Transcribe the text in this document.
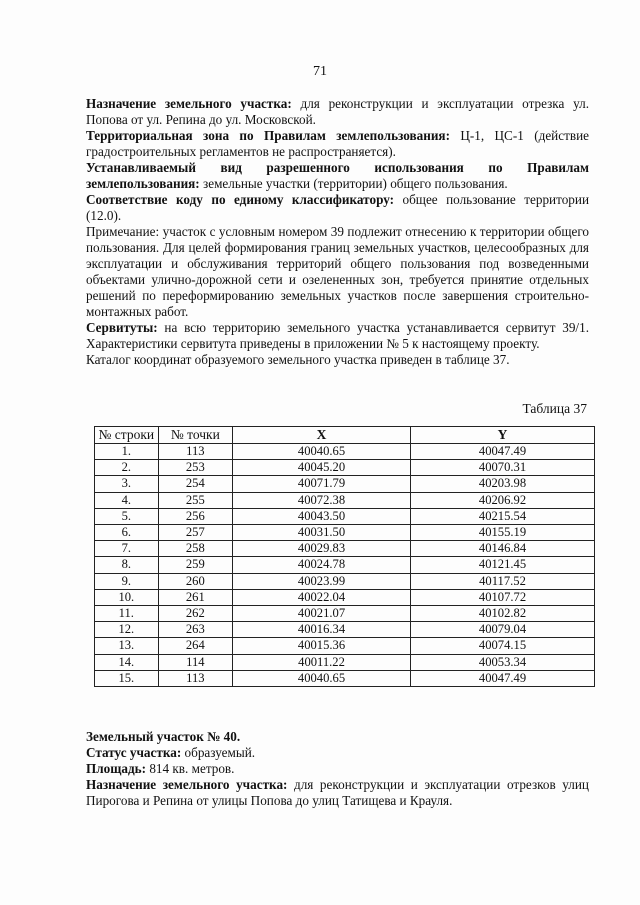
71

Назначение земельного участка: для реконструкции и эксплуатации отрезка ул. Попова от ул. Репина до ул. Московской.

Территориальная зона по Правилам землепользования: Ц-1, ЦС-1 (действие градостроительных регламентов не распространяется).

Устанавливаемый вид разрешенного использования по Правилам землепользования: земельные участки (территории) общего пользования.

Соответствие коду по единому классификатору: общее пользование территории (12.0).

Примечание: участок с условным номером 39 подлежит отнесению к территории общего пользования. Для целей формирования границ земельных участков, целесообразных для эксплуатации и обслуживания территорий общего пользования под возведенными объектами улично-дорожной сети и озелененных зон, требуется принятие отдельных решений по переформированию земельных участков после завершения строительно-монтажных работ.

Сервитуты: на всю территорию земельного участка устанавливается сервитут 39/1. Характеристики сервитута приведены в приложении № 5 к настоящему проекту.

Каталог координат образуемого земельного участка приведен в таблице 37.

Таблица 37
№ строки	№ точки	X	Y
1.	113	40040.65	40047.49
2.	253	40045.20	40070.31
3.	254	40071.79	40203.98
4.	255	40072.38	40206.92
5.	256	40043.50	40215.54
6.	257	40031.50	40155.19
7.	258	40029.83	40146.84
8.	259	40024.78	40121.45
9.	260	40023.99	40117.52
10.	261	40022.04	40107.72
11.	262	40021.07	40102.82
12.	263	40016.34	40079.04
13.	264	40015.36	40074.15
14.	114	40011.22	40053.34
15.	113	40040.65	40047.49

Земельный участок № 40.

Статус участка: образуемый.

Площадь: 814 кв. метров.

Назначение земельного участка: для реконструкции и эксплуатации отрезков улиц Пирогова и Репина от улицы Попова до улиц Татищева и Крауля.
